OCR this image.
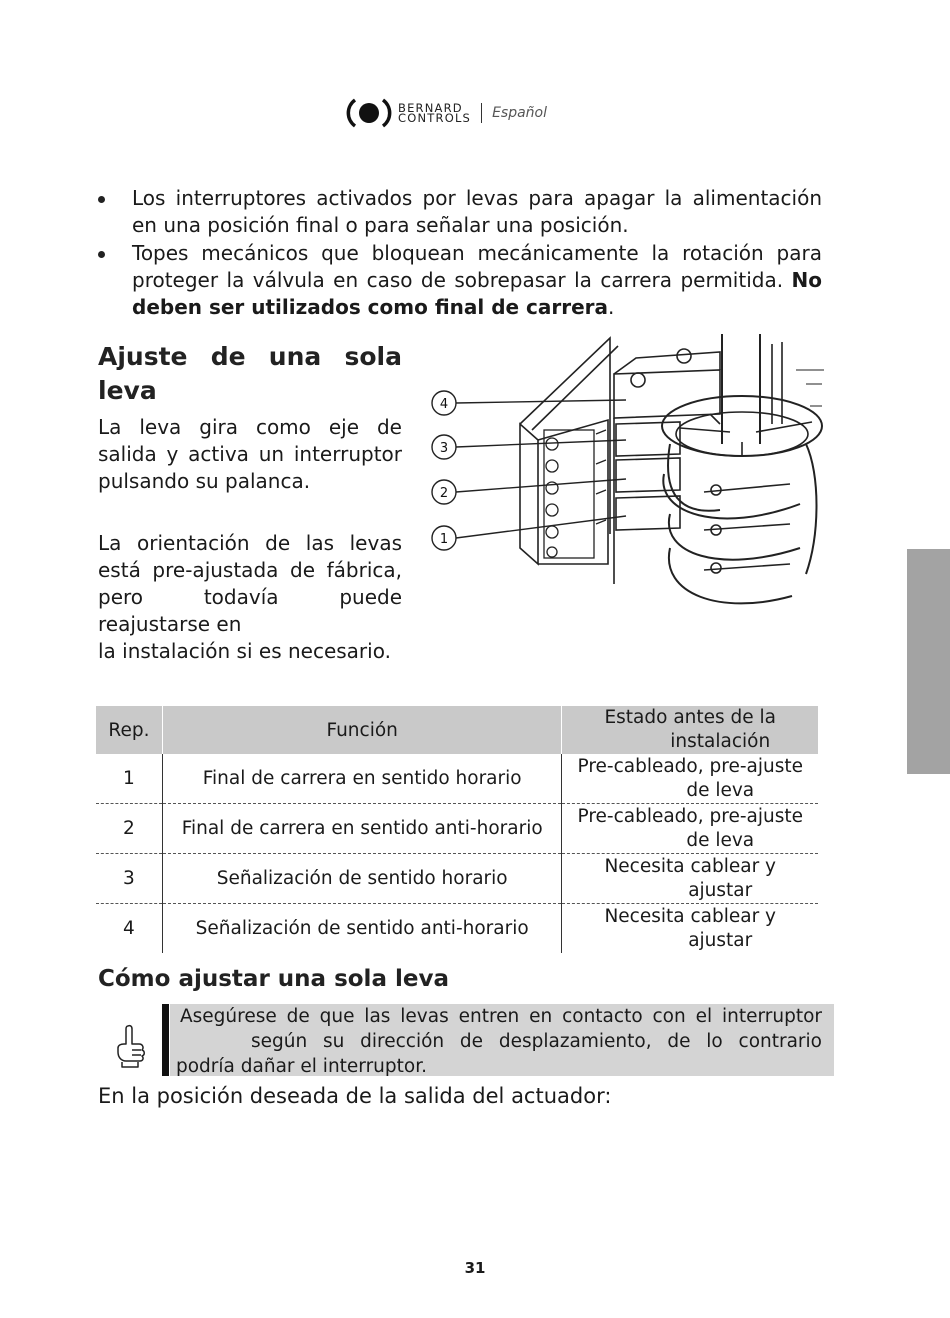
BERNARD
CONTROLS Español
Los interruptores activados por levas para apagar la alimentación en una posición final o para señalar una posición.
Topes mecánicos que bloquean mecánicamente la rotación para proteger la válvula en caso de sobrepasar la carrera permitida. No deben ser utilizados como final de carrera.
Ajuste de una sola leva
La leva gira como eje de salida y activa un interruptor pulsando su palanca.
La orientación de las levas está pre-ajustada de fábrica, pero todavía puede reajustarse en
la instalación si es necesario.
4
3
2
1
Rep.	Función	Estado antes de la
instalación

1	Final de carrera en sentido horario	Pre-cableado, pre-ajuste
de leva

2	Final de carrera en sentido anti-horario	Pre-cableado, pre-ajuste
de leva

3	Señalización de sentido horario	Necesita cablear y
ajustar

4	Señalización de sentido anti-horario	Necesita cablear y
ajustar
Cómo ajustar una sola leva
Asegúrese de que las levas entren en contacto con el interruptor
según su dirección de desplazamiento, de lo contrario
podría dañar el interruptor.
En la posición deseada de la salida del actuador:
31
